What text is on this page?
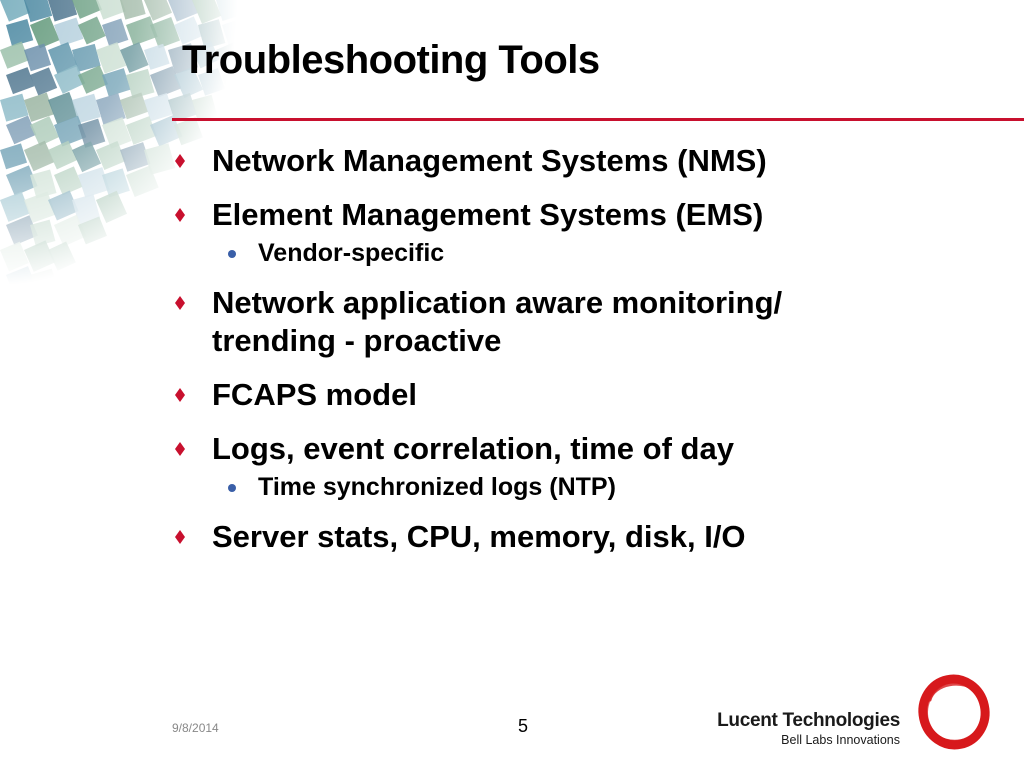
Troubleshooting Tools
Network Management Systems (NMS)
Element Management Systems (EMS)
Vendor-specific
Network application aware monitoring/ trending - proactive
FCAPS model
Logs, event correlation, time of day
Time synchronized logs (NTP)
Server stats, CPU, memory, disk, I/O
9/8/2014	5	Lucent Technologies
Bell Labs Innovations
